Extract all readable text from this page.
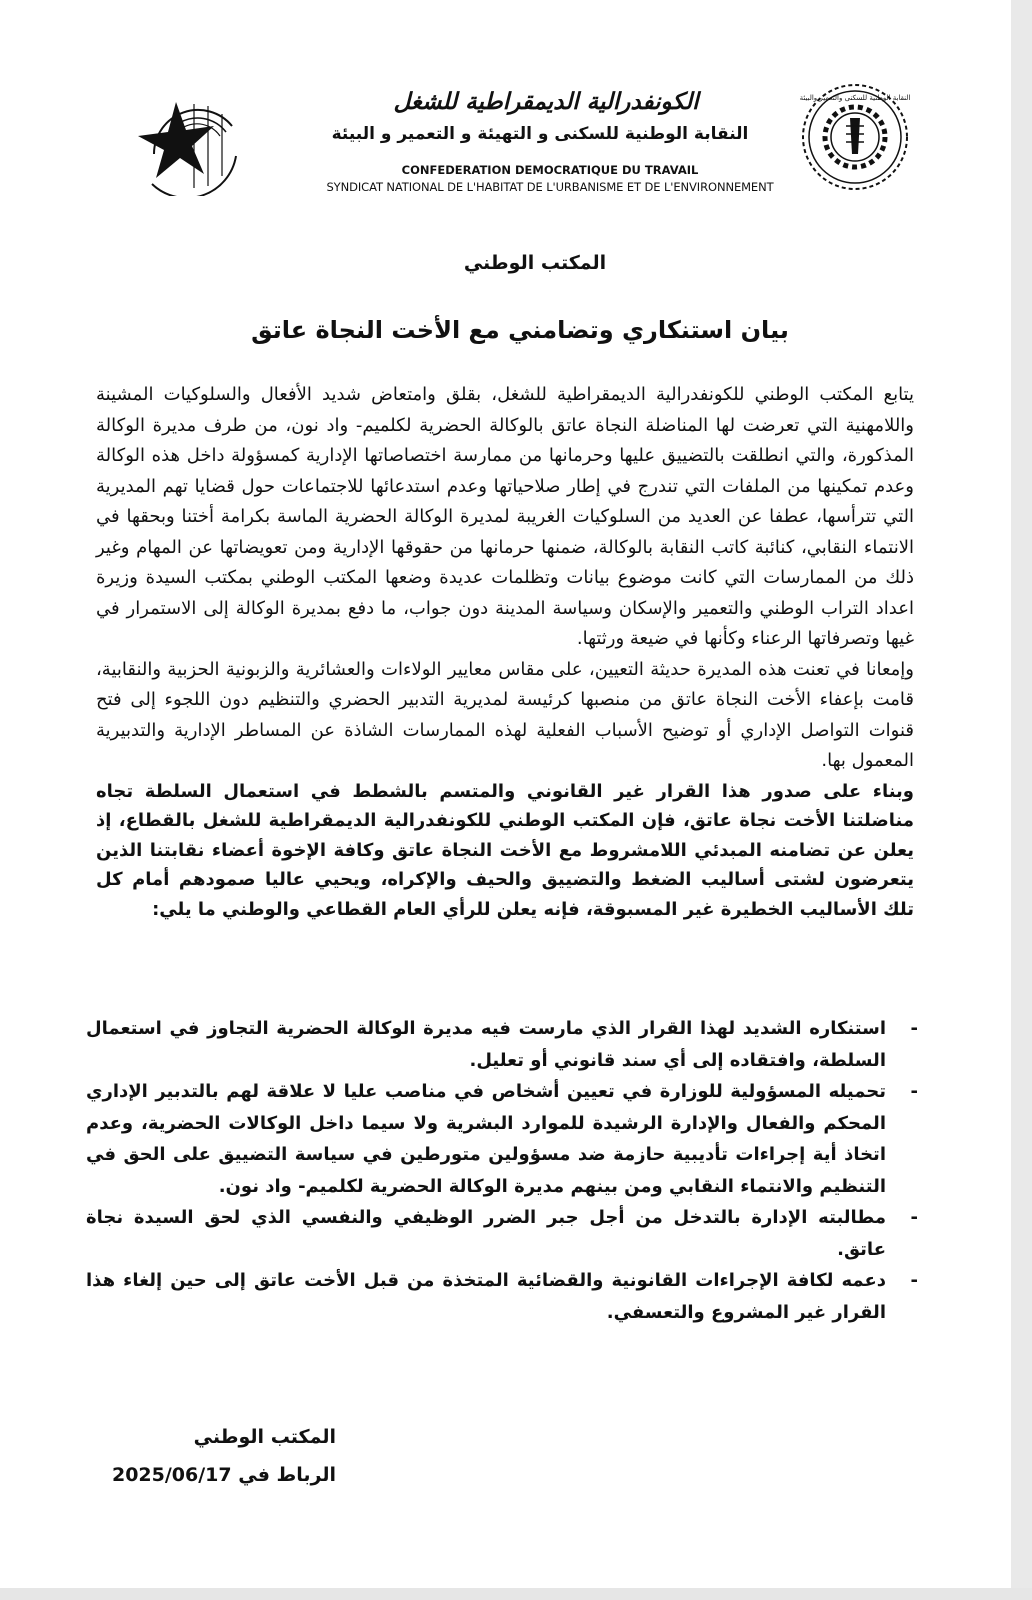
النقابة الوطنية للسكنى والتعمير والبيئة
الكونفدرالية الديمقراطية للشغل
النقابة الوطنية للسكنى و التهيئة و التعمير و البيئة
CONFEDERATION DEMOCRATIQUE DU TRAVAIL
SYNDICAT NATIONAL DE L'HABITAT DE L'URBANISME ET DE L'ENVIRONNEMENT
المكتب الوطني
بيان استنكاري وتضامني مع الأخت النجاة عاتق

يتابع المكتب الوطني للكونفدرالية الديمقراطية للشغل، بقلق وامتعاض شديد الأفعال والسلوكيات المشينة واللامهنية التي تعرضت لها المناضلة النجاة عاتق بالوكالة الحضرية لكلميم- واد نون، من طرف مديرة الوكالة المذكورة، والتي انطلقت بالتضييق عليها وحرمانها من ممارسة اختصاصاتها الإدارية كمسؤولة داخل هذه الوكالة وعدم تمكينها من الملفات التي تندرج في إطار صلاحياتها وعدم استدعائها للاجتماعات حول قضايا تهم المديرية التي تترأسها، عطفا عن العديد من السلوكيات الغريبة لمديرة الوكالة الحضرية الماسة بكرامة أختنا وبحقها في الانتماء النقابي، كنائبة كاتب النقابة بالوكالة، ضمنها حرمانها من حقوقها الإدارية ومن تعويضاتها عن المهام وغير ذلك من الممارسات التي كانت موضوع بيانات وتظلمات عديدة وضعها المكتب الوطني بمكتب السيدة وزيرة اعداد التراب الوطني والتعمير والإسكان وسياسة المدينة دون جواب، ما دفع بمديرة الوكالة إلى الاستمرار في غيها وتصرفاتها الرعناء وكأنها في ضيعة ورثتها.

وإمعانا في تعنت هذه المديرة حديثة التعيين، على مقاس معايير الولاءات والعشائرية والزبونية الحزبية والنقابية، قامت بإعفاء الأخت النجاة عاتق من منصبها كرئيسة لمديرية التدبير الحضري والتنظيم دون اللجوء إلى فتح قنوات التواصل الإداري أو توضيح الأسباب الفعلية لهذه الممارسات الشاذة عن المساطر الإدارية والتدبيرية المعمول بها.

وبناء على صدور هذا القرار غير القانوني والمتسم بالشطط في استعمال السلطة تجاه مناضلتنا الأخت نجاة عاتق، فإن المكتب الوطني للكونفدرالية الديمقراطية للشغل بالقطاع، إذ يعلن عن تضامنه المبدئي اللامشروط مع الأخت النجاة عاتق وكافة الإخوة أعضاء نقابتنا الذين يتعرضون لشتى أساليب الضغط والتضييق والحيف والإكراه، ويحيي عاليا صمودهم أمام كل تلك الأساليب الخطيرة غير المسبوقة، فإنه يعلن للرأي العام القطاعي والوطني ما يلي:

-
استنكاره الشديد لهذا القرار الذي مارست فيه مديرة الوكالة الحضرية التجاوز في استعمال السلطة، وافتقاده إلى أي سند قانوني أو تعليل.
-
تحميله المسؤولية للوزارة في تعيين أشخاص في مناصب عليا لا علاقة لهم بالتدبير الإداري المحكم والفعال والإدارة الرشيدة للموارد البشرية ولا سيما داخل الوكالات الحضرية، وعدم اتخاذ أية إجراءات تأديبية حازمة ضد مسؤولين متورطين في سياسة التضييق على الحق في التنظيم والانتماء النقابي ومن بينهم مديرة الوكالة الحضرية لكلميم- واد نون.
-
مطالبته الإدارة بالتدخل من أجل جبر الضرر الوظيفي والنفسي الذي لحق السيدة نجاة عاتق.
-
دعمه لكافة الإجراءات القانونية والقضائية المتخذة من قبل الأخت عاتق إلى حين إلغاء هذا القرار غير المشروع والتعسفي.
المكتب الوطني
الرباط في 2025/06/17
